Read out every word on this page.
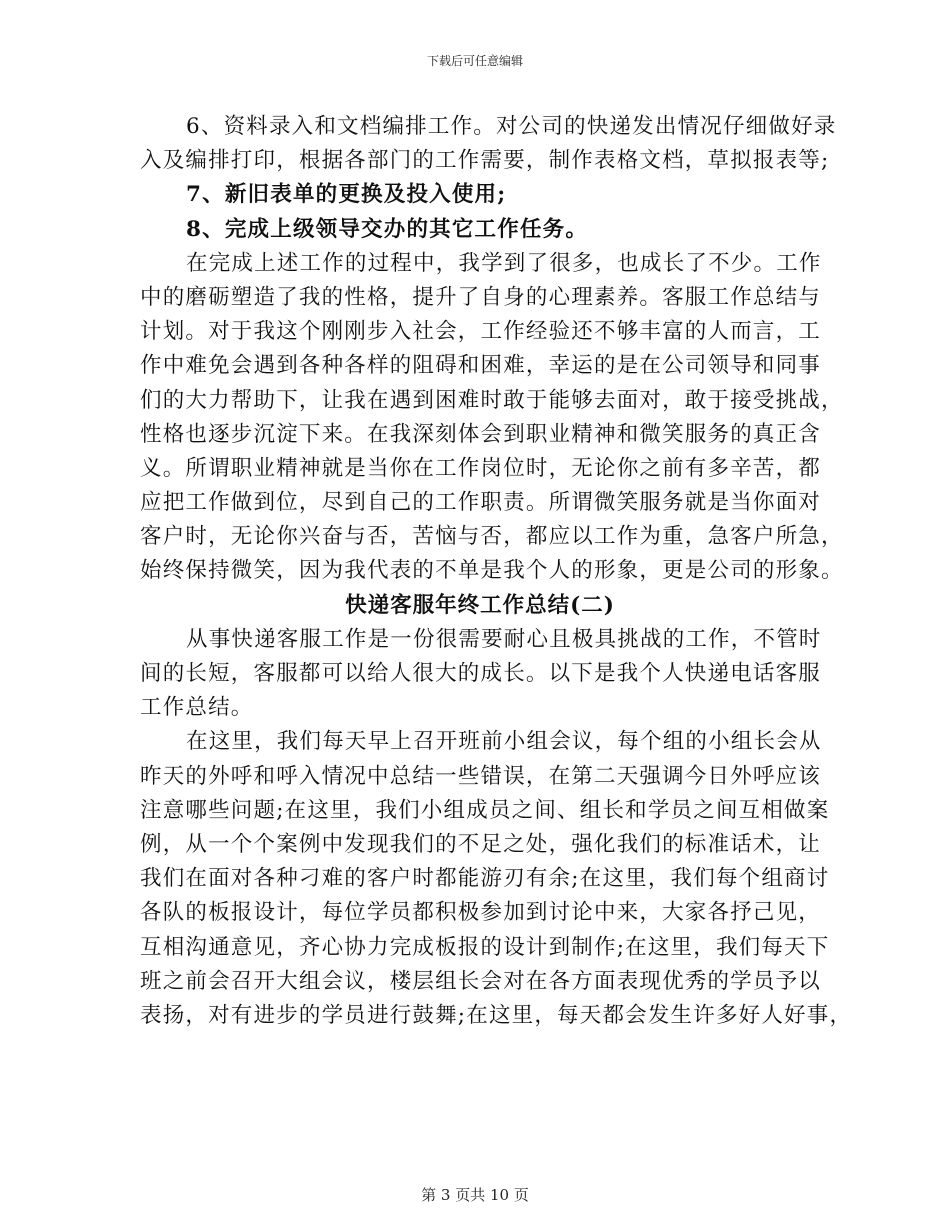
下载后可任意编辑
6、资料录入和文档编排工作。对公司的快递发出情况仔细做好录
入及编排打印，根据各部门的工作需要，制作表格文档，草拟报表等;
7、新旧表单的更换及投入使用;
8、完成上级领导交办的其它工作任务。
在完成上述工作的过程中，我学到了很多，也成长了不少。工作
中的磨砺塑造了我的性格，提升了自身的心理素养。客服工作总结与
计划。对于我这个刚刚步入社会，工作经验还不够丰富的人而言，工
作中难免会遇到各种各样的阻碍和困难，幸运的是在公司领导和同事
们的大力帮助下，让我在遇到困难时敢于能够去面对，敢于接受挑战，
性格也逐步沉淀下来。在我深刻体会到职业精神和微笑服务的真正含
义。所谓职业精神就是当你在工作岗位时，无论你之前有多辛苦，都
应把工作做到位，尽到自己的工作职责。所谓微笑服务就是当你面对
客户时，无论你兴奋与否，苦恼与否，都应以工作为重，急客户所急，
始终保持微笑，因为我代表的不单是我个人的形象，更是公司的形象。
快递客服年终工作总结(二)
从事快递客服工作是一份很需要耐心且极具挑战的工作，不管时
间的长短，客服都可以给人很大的成长。以下是我个人快递电话客服
工作总结。
在这里，我们每天早上召开班前小组会议，每个组的小组长会从
昨天的外呼和呼入情况中总结一些错误，在第二天强调今日外呼应该
注意哪些问题;在这里，我们小组成员之间、组长和学员之间互相做案
例，从一个个案例中发现我们的不足之处，强化我们的标准话术，让
我们在面对各种刁难的客户时都能游刃有余;在这里，我们每个组商讨
各队的板报设计，每位学员都积极参加到讨论中来，大家各抒己见，
互相沟通意见，齐心协力完成板报的设计到制作;在这里，我们每天下
班之前会召开大组会议，楼层组长会对在各方面表现优秀的学员予以
表扬，对有进步的学员进行鼓舞;在这里，每天都会发生许多好人好事，
第 3 页共 10 页
